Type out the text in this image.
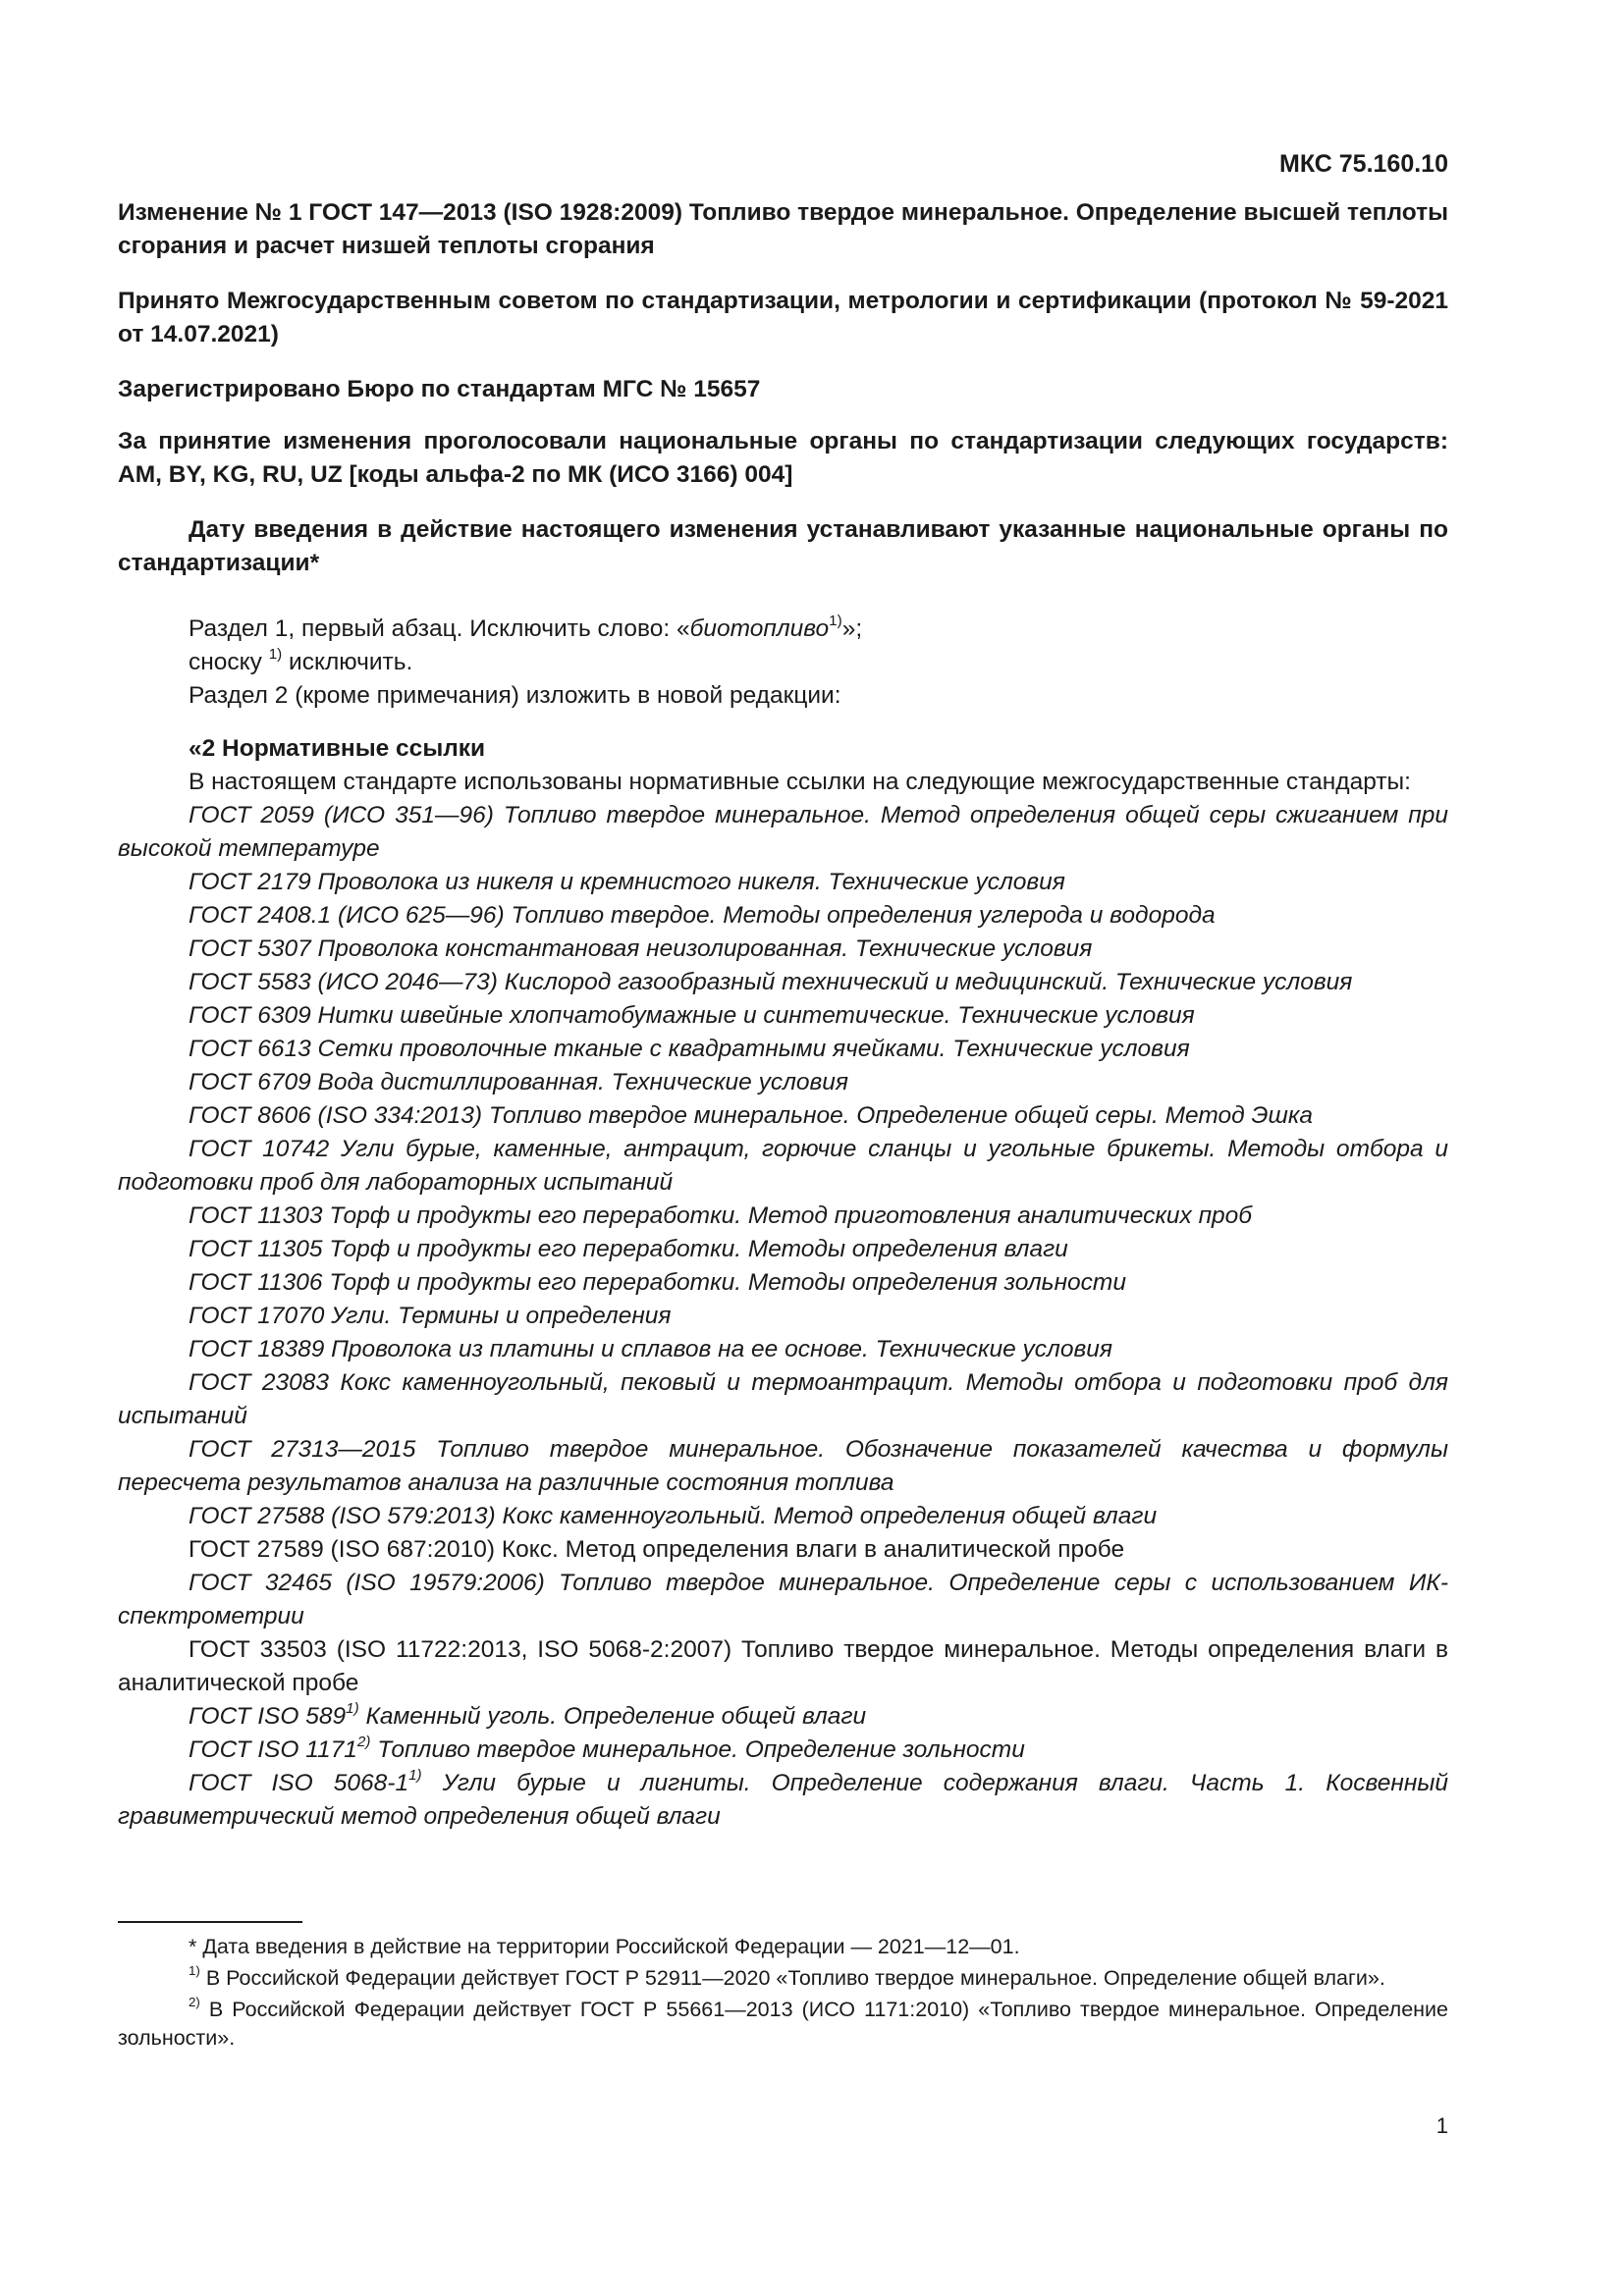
МКС 75.160.10

Изменение № 1 ГОСТ 147—2013 (ISO 1928:2009) Топливо твердое минеральное. Определение высшей теплоты сгорания и расчет низшей теплоты сгорания

Принято Межгосударственным советом по стандартизации, метрологии и сертификации (протокол № 59-2021 от 14.07.2021)

Зарегистрировано Бюро по стандартам МГС № 15657

За принятие изменения проголосовали национальные органы по стандартизации следующих государств: AM, BY, KG, RU, UZ [коды альфа-2 по МК (ИСО 3166) 004]

Дату введения в действие настоящего изменения устанавливают указанные национальные органы по стандартизации*

Раздел 1, первый абзац. Исключить слово: «биотопливо$^{1)}$»;

сноску $^{1)}$ исключить.

Раздел 2 (кроме примечания) изложить в новой редакции:

«2 Нормативные ссылки

В настоящем стандарте использованы нормативные ссылки на следующие межгосударственные стандарты:

ГОСТ 2059 (ИСО 351—96) Топливо твердое минеральное. Метод определения общей серы сжиганием при высокой температуре

ГОСТ 2179 Проволока из никеля и кремнистого никеля. Технические условия

ГОСТ 2408.1 (ИСО 625—96) Топливо твердое. Методы определения углерода и водорода

ГОСТ 5307 Проволока константановая неизолированная. Технические условия

ГОСТ 5583 (ИСО 2046—73) Кислород газообразный технический и медицинский. Технические условия

ГОСТ 6309 Нитки швейные хлопчатобумажные и синтетические. Технические условия

ГОСТ 6613 Сетки проволочные тканые с квадратными ячейками. Технические условия

ГОСТ 6709 Вода дистиллированная. Технические условия

ГОСТ 8606 (ISO 334:2013) Топливо твердое минеральное. Определение общей серы. Метод Эшка

ГОСТ 10742 Угли бурые, каменные, антрацит, горючие сланцы и угольные брикеты. Методы отбора и подготовки проб для лабораторных испытаний

ГОСТ 11303 Торф и продукты его переработки. Метод приготовления аналитических проб

ГОСТ 11305 Торф и продукты его переработки. Методы определения влаги

ГОСТ 11306 Торф и продукты его переработки. Методы определения зольности

ГОСТ 17070 Угли. Термины и определения

ГОСТ 18389 Проволока из платины и сплавов на ее основе. Технические условия

ГОСТ 23083 Кокс каменноугольный, пековый и термоантрацит. Методы отбора и подготовки проб для испытаний

ГОСТ 27313—2015 Топливо твердое минеральное. Обозначение показателей качества и формулы пересчета результатов анализа на различные состояния топлива

ГОСТ 27588 (ISO 579:2013) Кокс каменноугольный. Метод определения общей влаги

ГОСТ 27589 (ISO 687:2010) Кокс. Метод определения влаги в аналитической пробе

ГОСТ 32465 (ISO 19579:2006) Топливо твердое минеральное. Определение серы с использованием ИК-спектрометрии

ГОСТ 33503 (ISO 11722:2013, ISO 5068-2:2007) Топливо твердое минеральное. Методы определения влаги в аналитической пробе

ГОСТ ISO 589$^{1)}$ Каменный уголь. Определение общей влаги

ГОСТ ISO 1171$^{2)}$ Топливо твердое минеральное. Определение зольности

ГОСТ ISO 5068-1$^{1)}$ Угли бурые и лигниты. Определение содержания влаги. Часть 1. Косвенный гравиметрический метод определения общей влаги

* Дата введения в действие на территории Российской Федерации — 2021—12—01.

$^{1)}$ В Российской Федерации действует ГОСТ Р 52911—2020 «Топливо твердое минеральное. Определение общей влаги».

$^{2)}$ В Российской Федерации действует ГОСТ Р 55661—2013 (ИСО 1171:2010) «Топливо твердое минеральное. Определение зольности».

1
